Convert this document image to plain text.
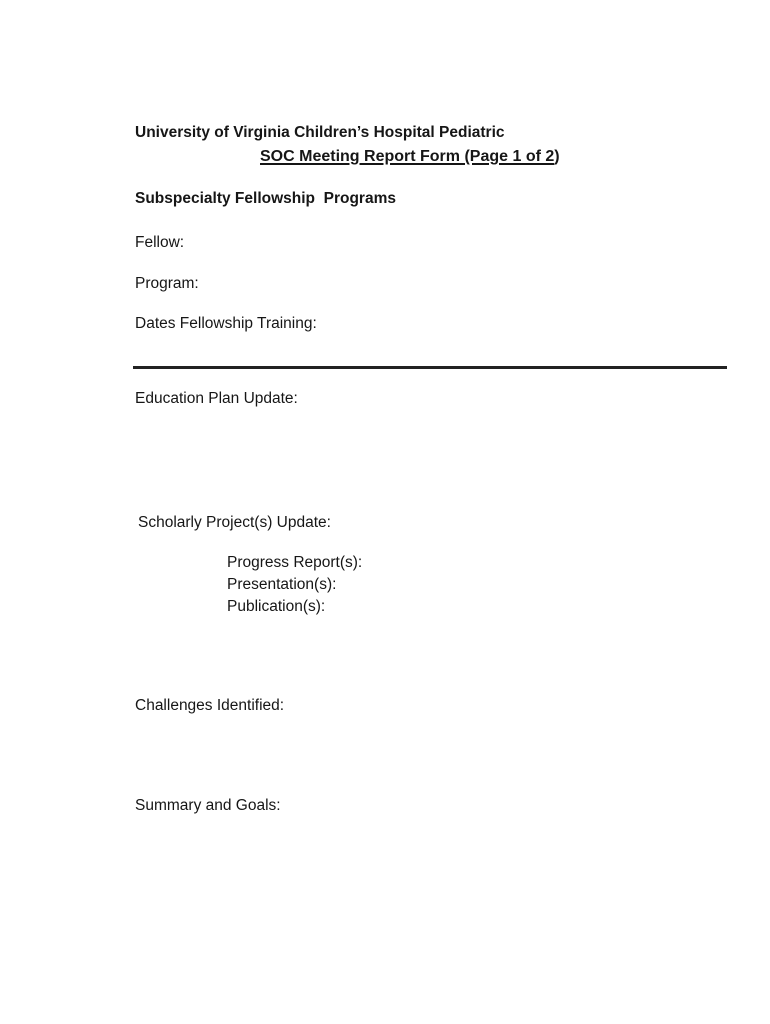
University of Virginia Children’s Hospital Pediatric

Subspecialty Fellowship  Programs

SOC Meeting Report Form (Page 1 of 2)
Fellow:
Program:
Dates Fellowship Training:
Education Plan Update:
Scholarly Project(s) Update:
Progress Report(s):
Presentation(s):
Publication(s):
Challenges Identified:
Summary and Goals:
